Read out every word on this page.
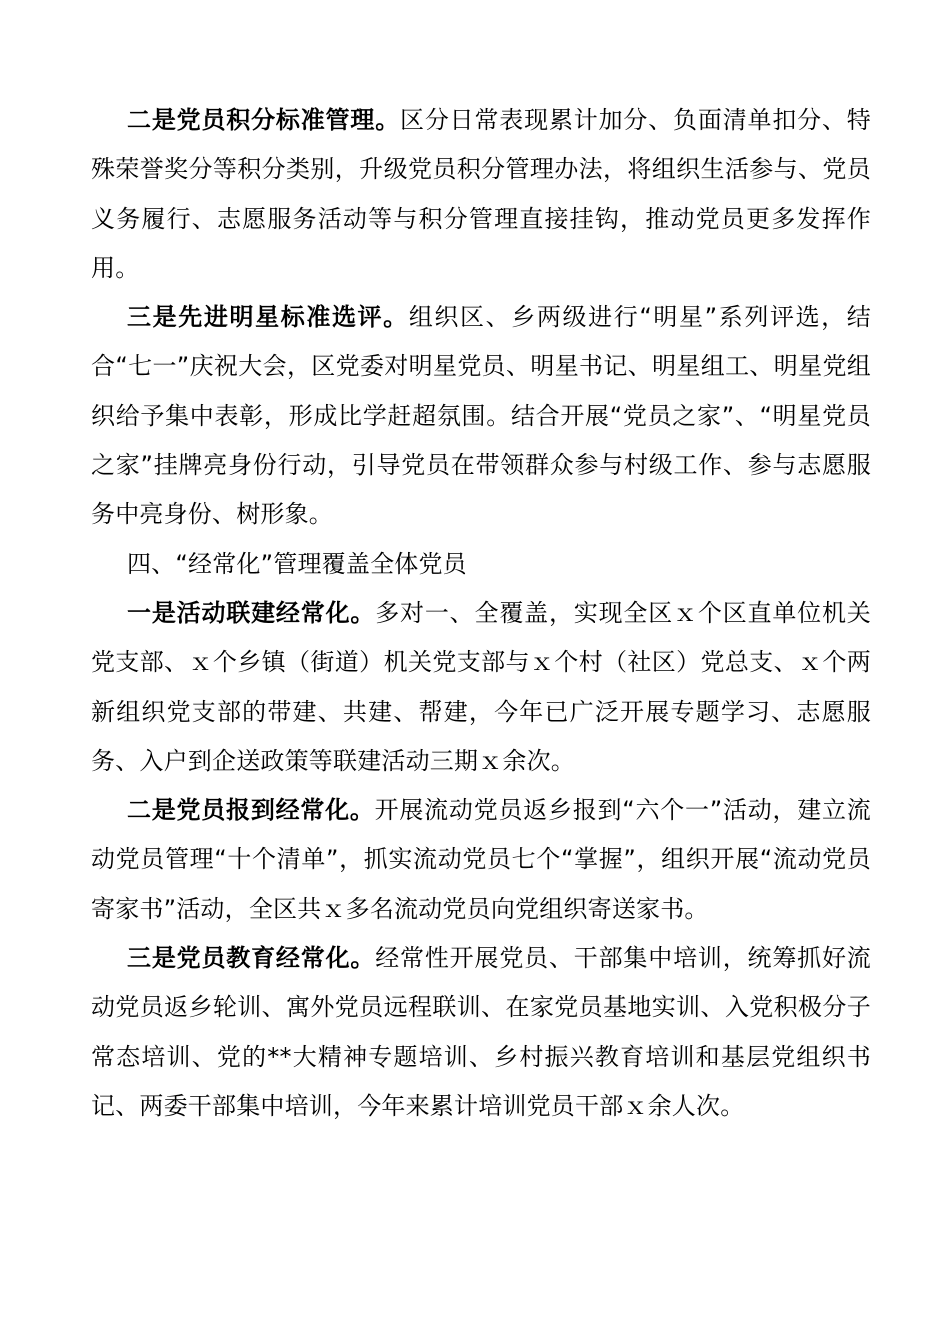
二是党员积分标准管理。区分日常表现累计加分、负面清单扣分、特殊荣誉奖分等积分类别，升级党员积分管理办法，将组织生活参与、党员义务履行、志愿服务活动等与积分管理直接挂钩，推动党员更多发挥作用。

三是先进明星标准选评。组织区、乡两级进行“明星”系列评选，结合“七一”庆祝大会，区党委对明星党员、明星书记、明星组工、明星党组织给予集中表彰，形成比学赶超氛围。结合开展“党员之家”、“明星党员之家”挂牌亮身份行动，引导党员在带领群众参与村级工作、参与志愿服务中亮身份、树形象。

四、“经常化”管理覆盖全体党员

一是活动联建经常化。多对一、全覆盖，实现全区ｘ个区直单位机关党支部、ｘ个乡镇（街道）机关党支部与ｘ个村（社区）党总支、ｘ个两新组织党支部的带建、共建、帮建，今年已广泛开展专题学习、志愿服务、入户到企送政策等联建活动三期ｘ余次。

二是党员报到经常化。开展流动党员返乡报到“六个一”活动，建立流动党员管理“十个清单”，抓实流动党员七个“掌握”，组织开展“流动党员寄家书”活动，全区共ｘ多名流动党员向党组织寄送家书。

三是党员教育经常化。经常性开展党员、干部集中培训，统筹抓好流动党员返乡轮训、寓外党员远程联训、在家党员基地实训、入党积极分子常态培训、党的**大精神专题培训、乡村振兴教育培训和基层党组织书记、两委干部集中培训，今年来累计培训党员干部ｘ余人次。
